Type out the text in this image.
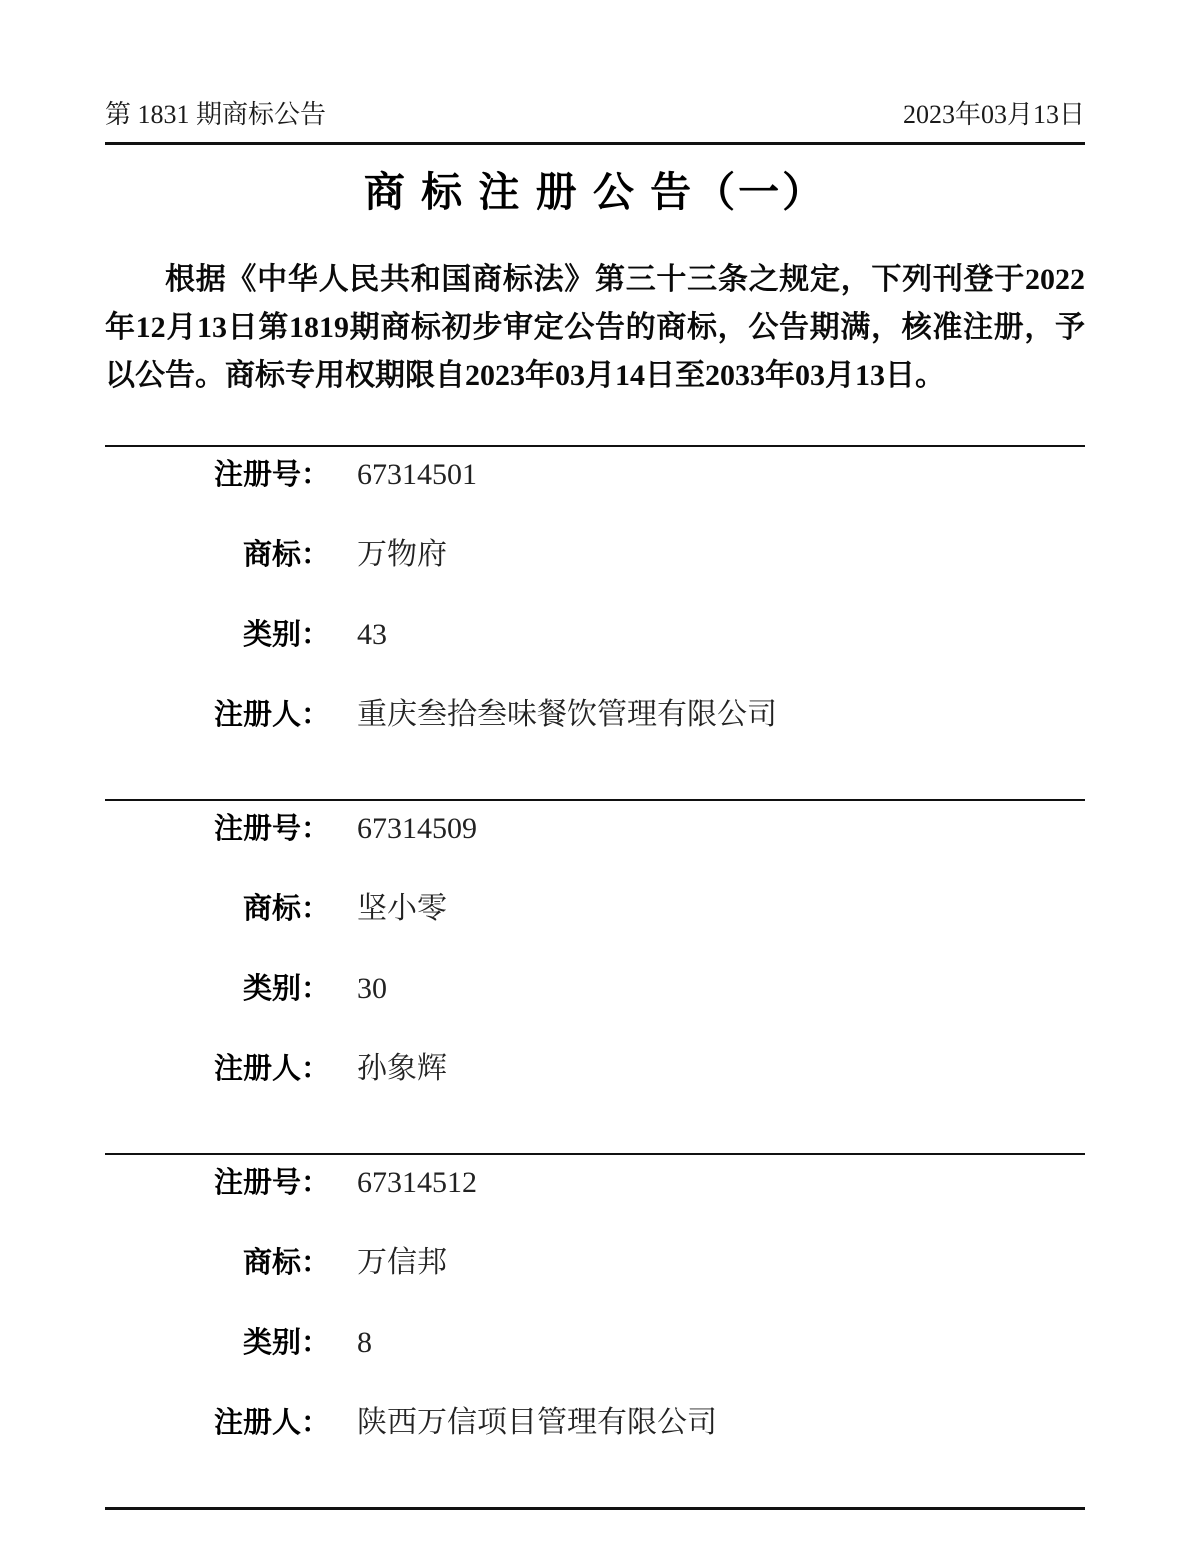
第 1831 期商标公告	2023年03月13日
商 标 注 册 公 告（一）

根据《中华人民共和国商标法》第三十三条之规定，下列刊登于2022年12月13日第1819期商标初步审定公告的商标，公告期满，核准注册，予以公告。商标专用权期限自2023年03月14日至2033年03月13日。

注册号： 67314501
商标： 万物府
类别： 43
注册人： 重庆叁拾叁味餐饮管理有限公司
注册号： 67314509
商标： 坚小零
类别： 30
注册人： 孙象辉
注册号： 67314512
商标： 万信邦
类别： 8
注册人： 陕西万信项目管理有限公司
